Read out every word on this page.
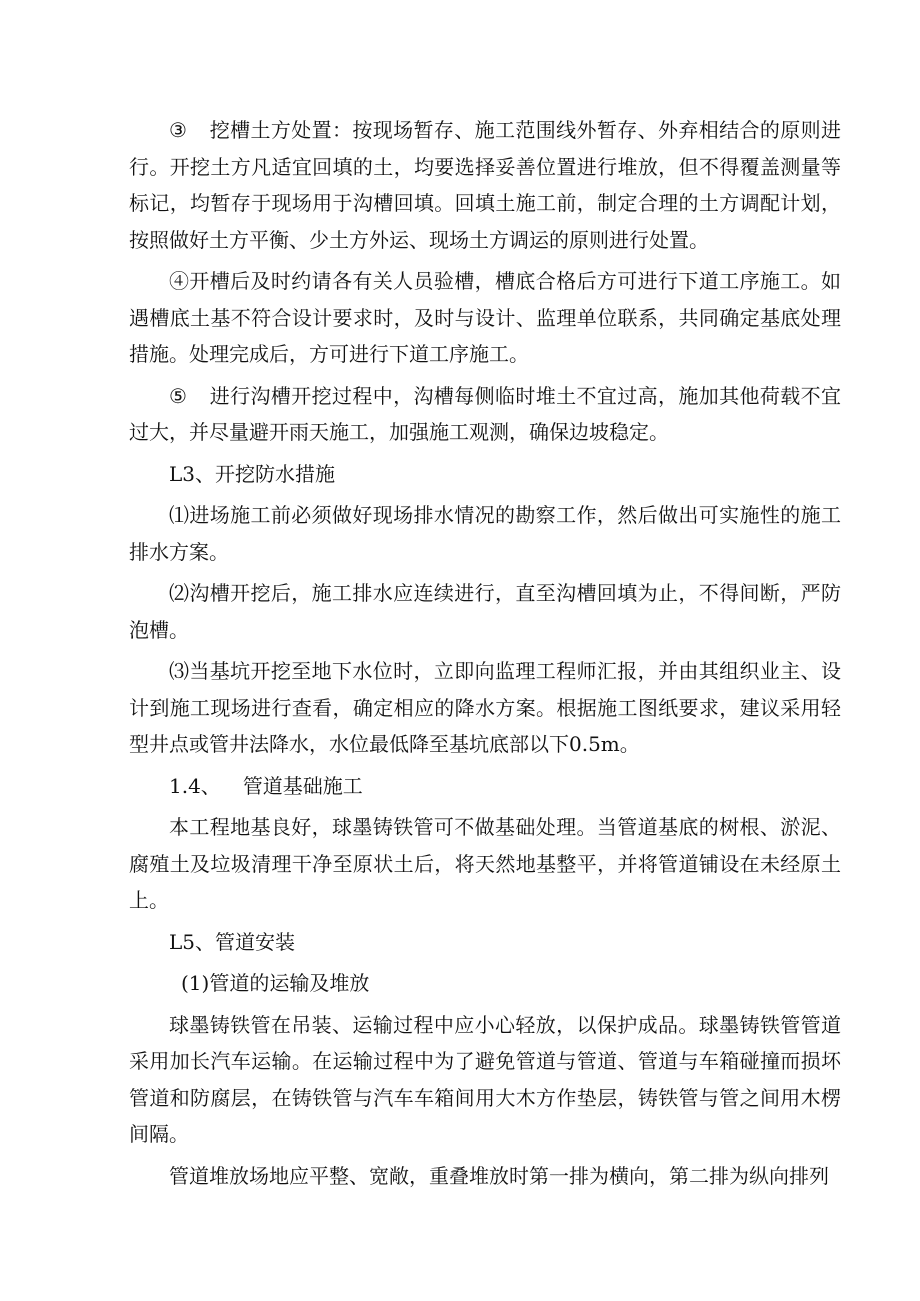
③ 挖槽土方处置：按现场暂存、施工范围线外暂存、外弃相结合的原则进行。开挖土方凡适宜回填的土，均要选择妥善位置进行堆放，但不得覆盖测量等标记，均暂存于现场用于沟槽回填。回填土施工前，制定合理的土方调配计划，按照做好土方平衡、少土方外运、现场土方调运的原则进行处置。

④开槽后及时约请各有关人员验槽，槽底合格后方可进行下道工序施工。如遇槽底土基不符合设计要求时，及时与设计、监理单位联系，共同确定基底处理措施。处理完成后，方可进行下道工序施工。

⑤ 进行沟槽开挖过程中，沟槽每侧临时堆土不宜过高，施加其他荷载不宜过大，并尽量避开雨天施工，加强施工观测，确保边坡稳定。

L3、开挖防水措施

⑴进场施工前必须做好现场排水情况的勘察工作，然后做出可实施性的施工排水方案。

⑵沟槽开挖后，施工排水应连续进行，直至沟槽回填为止，不得间断，严防泡槽。

⑶当基坑开挖至地下水位时，立即向监理工程师汇报，并由其组织业主、设计到施工现场进行查看，确定相应的降水方案。根据施工图纸要求，建议采用轻型井点或管井法降水，水位最低降至基坑底部以下0.5m。

1.4、 管道基础施工

本工程地基良好，球墨铸铁管可不做基础处理。当管道基底的树根、淤泥、腐殖土及垃圾清理干净至原状土后，将天然地基整平，并将管道铺设在未经原土上。

L5、管道安装

(1)管道的运输及堆放

球墨铸铁管在吊装、运输过程中应小心轻放，以保护成品。球墨铸铁管管道采用加长汽车运输。在运输过程中为了避免管道与管道、管道与车箱碰撞而损坏管道和防腐层，在铸铁管与汽车车箱间用大木方作垫层，铸铁管与管之间用木楞间隔。

管道堆放场地应平整、宽敞，重叠堆放时第一排为横向，第二排为纵向排列
